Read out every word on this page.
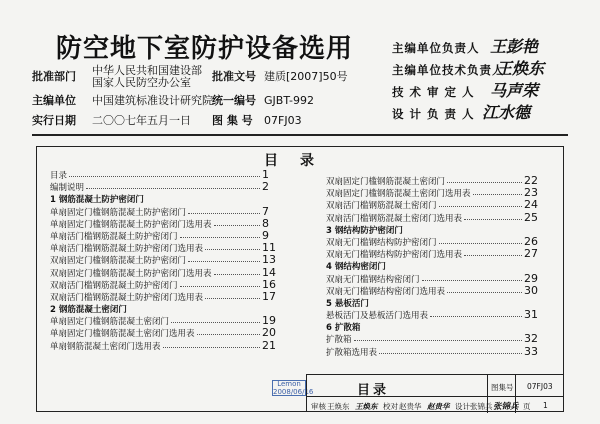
防空地下室防护设备选用
批准部门 中华人民共和国建设部
国家人民防空办公室 批准文号 建质[2007]50号
主编单位 中国建筑标准设计研究院 统一编号 GJBT-992
实行日期 二〇〇七年五月一日 图 集 号 07FJ03
主编单位负责人 王彭艳
主编单位技术负责人
王焕东
技 术 审 定 人 马声荣
设 计 负 责 人 江水德
目录
目录	1
编制说明	2
1 钢筋混凝土防护密闭门
单扇固定门槛钢筋混凝土防护密闭门	7
单扇固定门槛钢筋混凝土防护密闭门选用表	8
单扇活门槛钢筋混凝土防护密闭门	9
单扇活门槛钢筋混凝土防护密闭门选用表	11
双扇固定门槛钢筋混凝土防护密闭门	13
双扇固定门槛钢筋混凝土防护密闭门选用表	14
双扇活门槛钢筋混凝土防护密闭门	16
双扇活门槛钢筋混凝土防护密闭门选用表	17
2 钢筋混凝土密闭门
单扇固定门槛钢筋混凝土密闭门	19
单扇固定门槛钢筋混凝土密闭门选用表	20
单扇钢筋混凝土密闭门选用表	21
双扇固定门槛钢筋混凝土密闭门	22
双扇固定门槛钢筋混凝土密闭门选用表	23
双扇活门槛钢筋混凝土密闭门	24
双扇活门槛钢筋混凝土密闭门选用表	25
3 钢结构防护密闭门
双扇无门槛钢结构防护密闭门	26
双扇无门槛钢结构防护密闭门选用表	27
4 钢结构密闭门
双扇无门槛钢结构密闭门	29
双扇无门槛钢结构密闭门选用表	30
5 悬板活门
悬板活门及悬板活门选用表	31
6 扩散箱
扩散箱	32
扩散箱选用表	33
Lemon
2008/06/16	目录	图集号 07FJ03
审核 王焕东 王焕东 校对 赵贵华 赵贵华 设计 张锦兵 张锦兵 页 1
